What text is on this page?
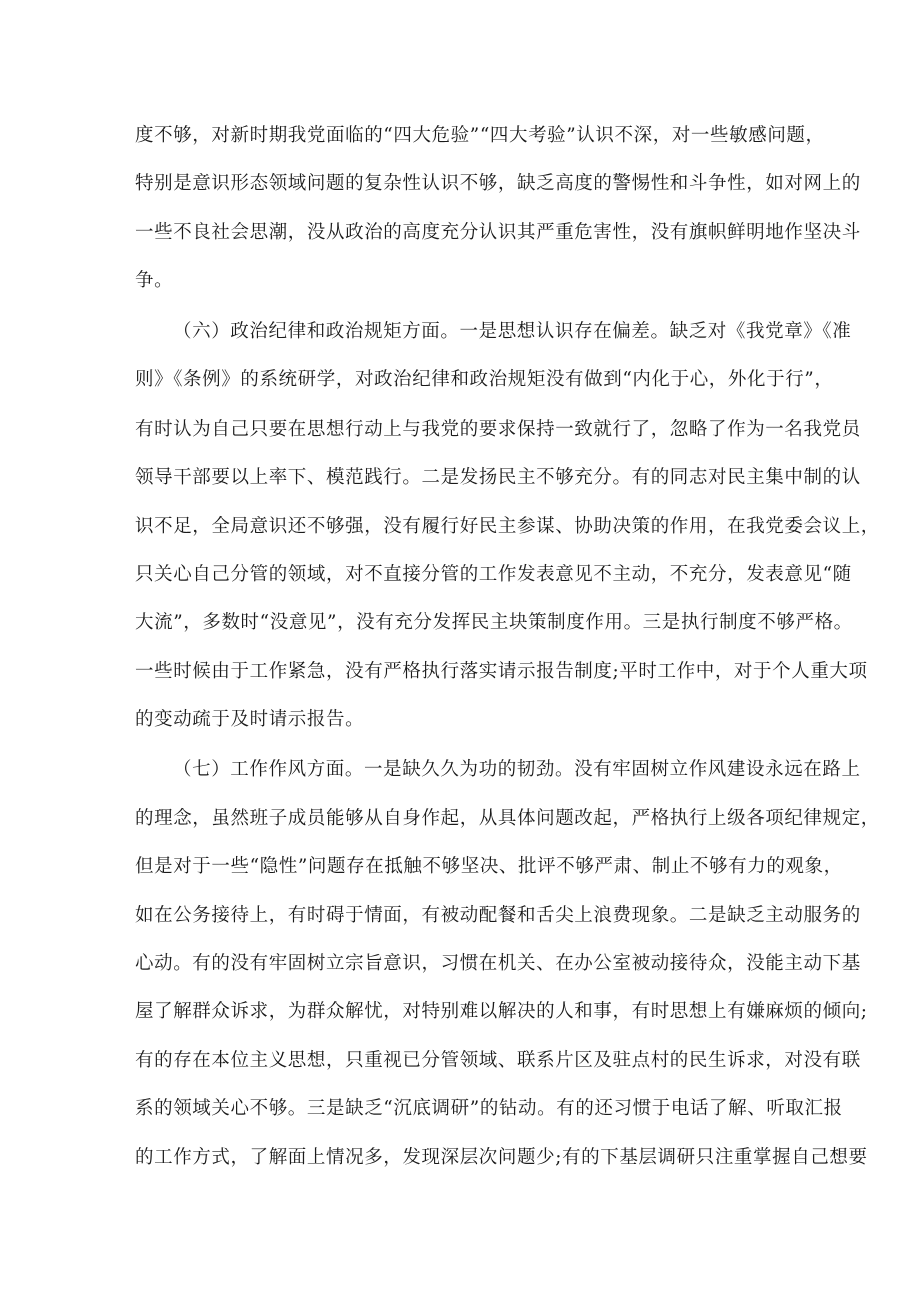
度不够，对新时期我党面临的“四大危验”“四大考验”认识不深，对一些敏感问题，
特别是意识形态领域问题的复杂性认识不够，缺乏高度的警惕性和斗争性，如对网上的
一些不良社会思潮，没从政治的高度充分认识其严重危害性，没有旗帜鲜明地作坚决斗
争。
（六）政治纪律和政治规矩方面。一是思想认识存在偏差。缺乏对《我党章》《准
则》《条例》的系统研学，对政治纪律和政治规矩没有做到“内化于心，外化于行”，
有时认为自己只要在思想行动上与我党的要求保持一致就行了，忽略了作为一名我党员
领导干部要以上率下、模范践行。二是发扬民主不够充分。有的同志对民主集中制的认
识不足，全局意识还不够强，没有履行好民主参谋、协助决策的作用，在我党委会议上，
只关心自己分管的领域，对不直接分管的工作发表意见不主动，不充分，发表意见“随
大流”，多数时“没意见”，没有充分发挥民主块策制度作用。三是执行制度不够严格。
一些时候由于工作紧急，没有严格执行落实请示报告制度;平时工作中，对于个人重大项
的变动疏于及时请示报告。
（七）工作作风方面。一是缺久久为功的韧劲。没有牢固树立作风建设永远在路上
的理念，虽然班子成员能够从自身作起，从具体问题改起，严格执行上级各项纪律规定，
但是对于一些“隐性”问题存在抵触不够坚决、批评不够严肃、制止不够有力的观象，
如在公务接待上，有时碍于情面，有被动配餐和舌尖上浪费现象。二是缺乏主动服务的
心动。有的没有牢固树立宗旨意识，习惯在机关、在办公室被动接待众，没能主动下基
屋了解群众诉求，为群众解忧，对特别难以解决的人和事，有时思想上有嫌麻烦的倾向;
有的存在本位主义思想，只重视已分管领域、联系片区及驻点村的民生诉求，对没有联
系的领域关心不够。三是缺乏“沉底调研”的钻动。有的还习惯于电话了解、听取汇报
的工作方式，了解面上情况多，发现深层次问题少;有的下基层调研只注重掌握自己想要
